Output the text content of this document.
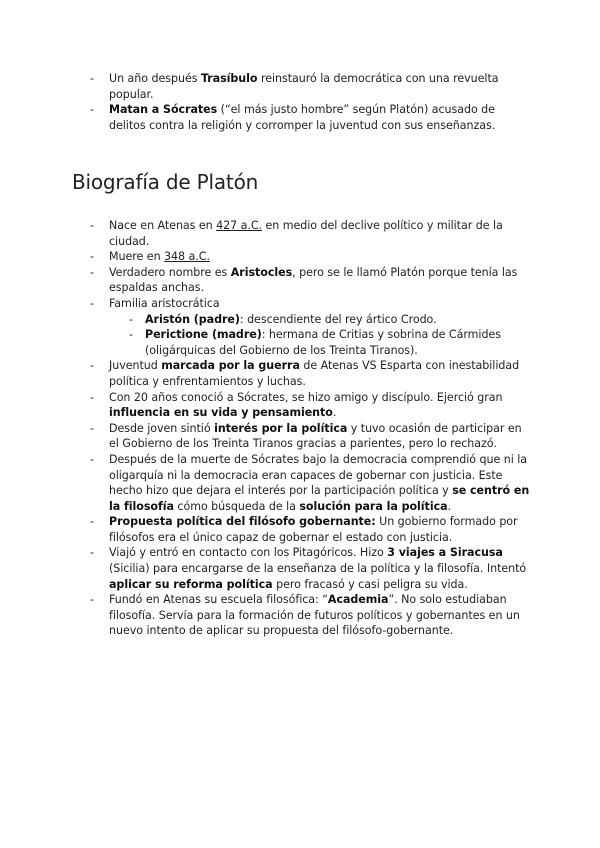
- Un año después Trasíbulo reinstauró la democrática con una revuelta popular.
- Matan a Sócrates (“el más justo hombre” según Platón) acusado de delitos contra la religión y corromper la juventud con sus enseñanzas.
Biografía de Platón
- Nace en Atenas en 427 a.C. en medio del declive político y militar de la ciudad.
- Muere en 348 a.C.
- Verdadero nombre es Aristocles, pero se le llamó Platón porque tenía las espaldas anchas.
- Familia aristocrática
- Aristón (padre): descendiente del rey ártico Crodo.
- Perictione (madre): hermana de Critias y sobrina de Cármides (oligárquicas del Gobierno de los Treinta Tiranos).
- Juventud marcada por la guerra de Atenas VS Esparta con inestabilidad política y enfrentamientos y luchas.
- Con 20 años conoció a Sócrates, se hizo amigo y discípulo. Ejerció gran influencia en su vida y pensamiento.
- Desde joven sintió interés por la política y tuvo ocasión de participar en el Gobierno de los Treinta Tiranos gracias a parientes, pero lo rechazó.
- Después de la muerte de Sócrates bajo la democracia comprendió que ni la oligarquía ni la democracia eran capaces de gobernar con justicia. Este hecho hizo que dejara el interés por la participación política y se centró en la filosofía cómo búsqueda de la solución para la política.
- Propuesta política del filósofo gobernante: Un gobierno formado por filósofos era el único capaz de gobernar el estado con justicia.
- Viajó y entró en contacto con los Pitagóricos. Hizo 3 viajes a Siracusa (Sicilia) para encargarse de la enseñanza de la política y la filosofía. Intentó aplicar su reforma política pero fracasó y casi peligra su vida.
- Fundó en Atenas su escuela filosófica: “Academia”. No solo estudiaban filosofía. Servía para la formación de futuros políticos y gobernantes en un nuevo intento de aplicar su propuesta del filósofo-gobernante.
